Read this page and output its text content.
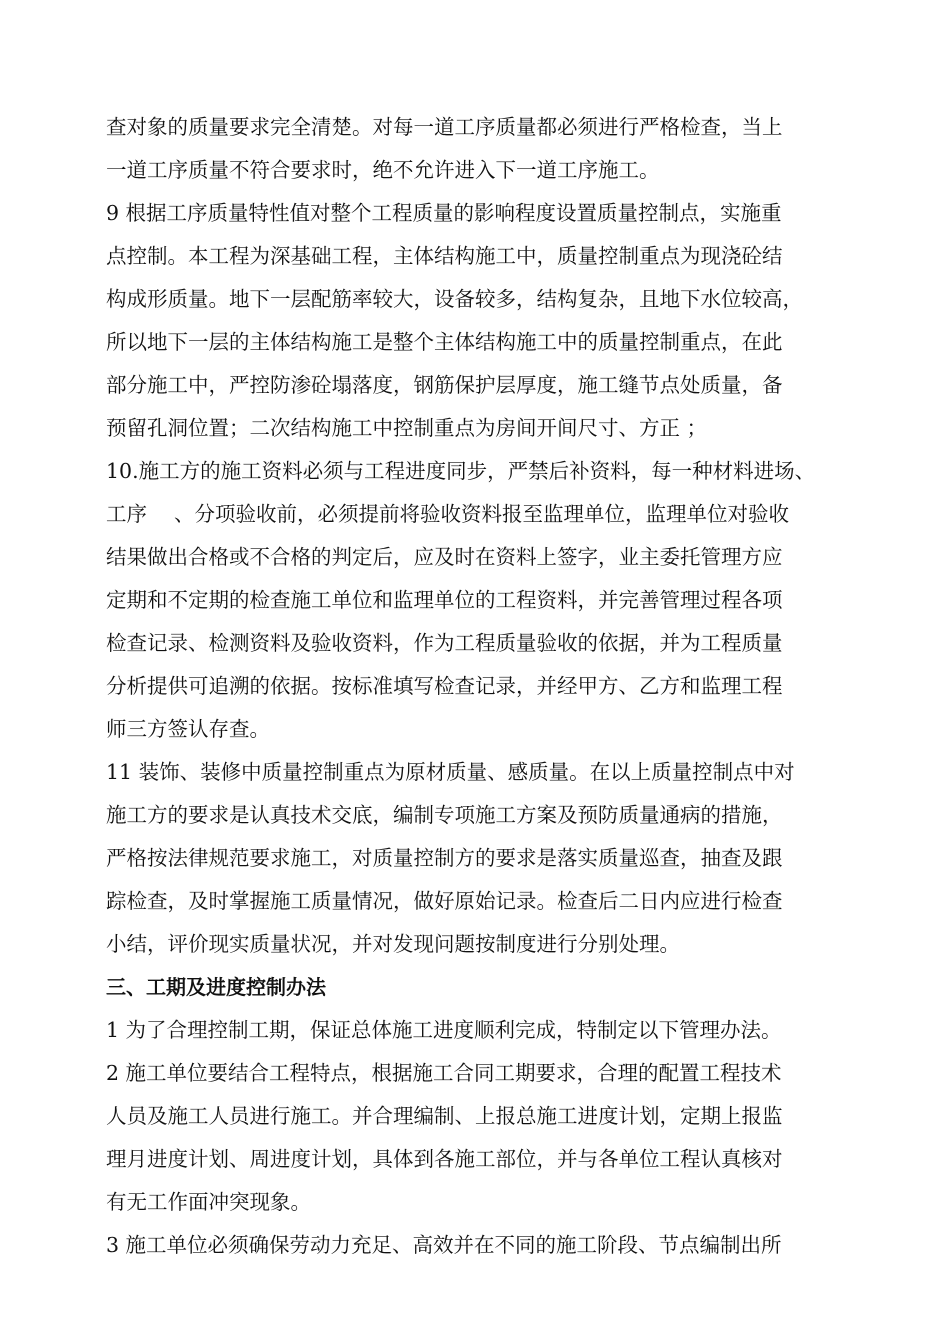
查对象的质量要求完全清楚。对每一道工序质量都必须进行严格检查，当上
一道工序质量不符合要求时，绝不允许进入下一道工序施工。
9 根据工序质量特性值对整个工程质量的影响程度设置质量控制点，实施重
点控制。本工程为深基础工程，主体结构施工中，质量控制重点为现浇砼结
构成形质量。地下一层配筋率较大，设备较多，结构复杂，且地下水位较高，
所以地下一层的主体结构施工是整个主体结构施工中的质量控制重点，在此
部分施工中，严控防渗砼塌落度，钢筋保护层厚度，施工缝节点处质量，备
预留孔洞位置；二次结构施工中控制重点为房间开间尺寸、方正 ；
10.施工方的施工资料必须与工程进度同步，严禁后补资料，每一种材料进场、
工序　 、分项验收前，必须提前将验收资料报至监理单位，监理单位对验收
结果做出合格或不合格的判定后，应及时在资料上签字，业主委托管理方应
定期和不定期的检查施工单位和监理单位的工程资料，并完善管理过程各项
检查记录、检测资料及验收资料，作为工程质量验收的依据，并为工程质量
分析提供可追溯的依据。按标准填写检查记录，并经甲方、乙方和监理工程
师三方签认存查。
11 装饰、装修中质量控制重点为原材质量、感质量。在以上质量控制点中对
施工方的要求是认真技术交底，编制专项施工方案及预防质量通病的措施，
严格按法律规范要求施工，对质量控制方的要求是落实质量巡查，抽查及跟
踪检查，及时掌握施工质量情况，做好原始记录。检查后二日内应进行检查
小结，评价现实质量状况，并对发现问题按制度进行分别处理。
三、工期及进度控制办法
1 为了合理控制工期，保证总体施工进度顺利完成，特制定以下管理办法。
2 施工单位要结合工程特点，根据施工合同工期要求，合理的配置工程技术
人员及施工人员进行施工。并合理编制、上报总施工进度计划，定期上报监
理月进度计划、周进度计划，具体到各施工部位，并与各单位工程认真核对
有无工作面冲突现象。
3 施工单位必须确保劳动力充足、高效并在不同的施工阶段、节点编制出所
